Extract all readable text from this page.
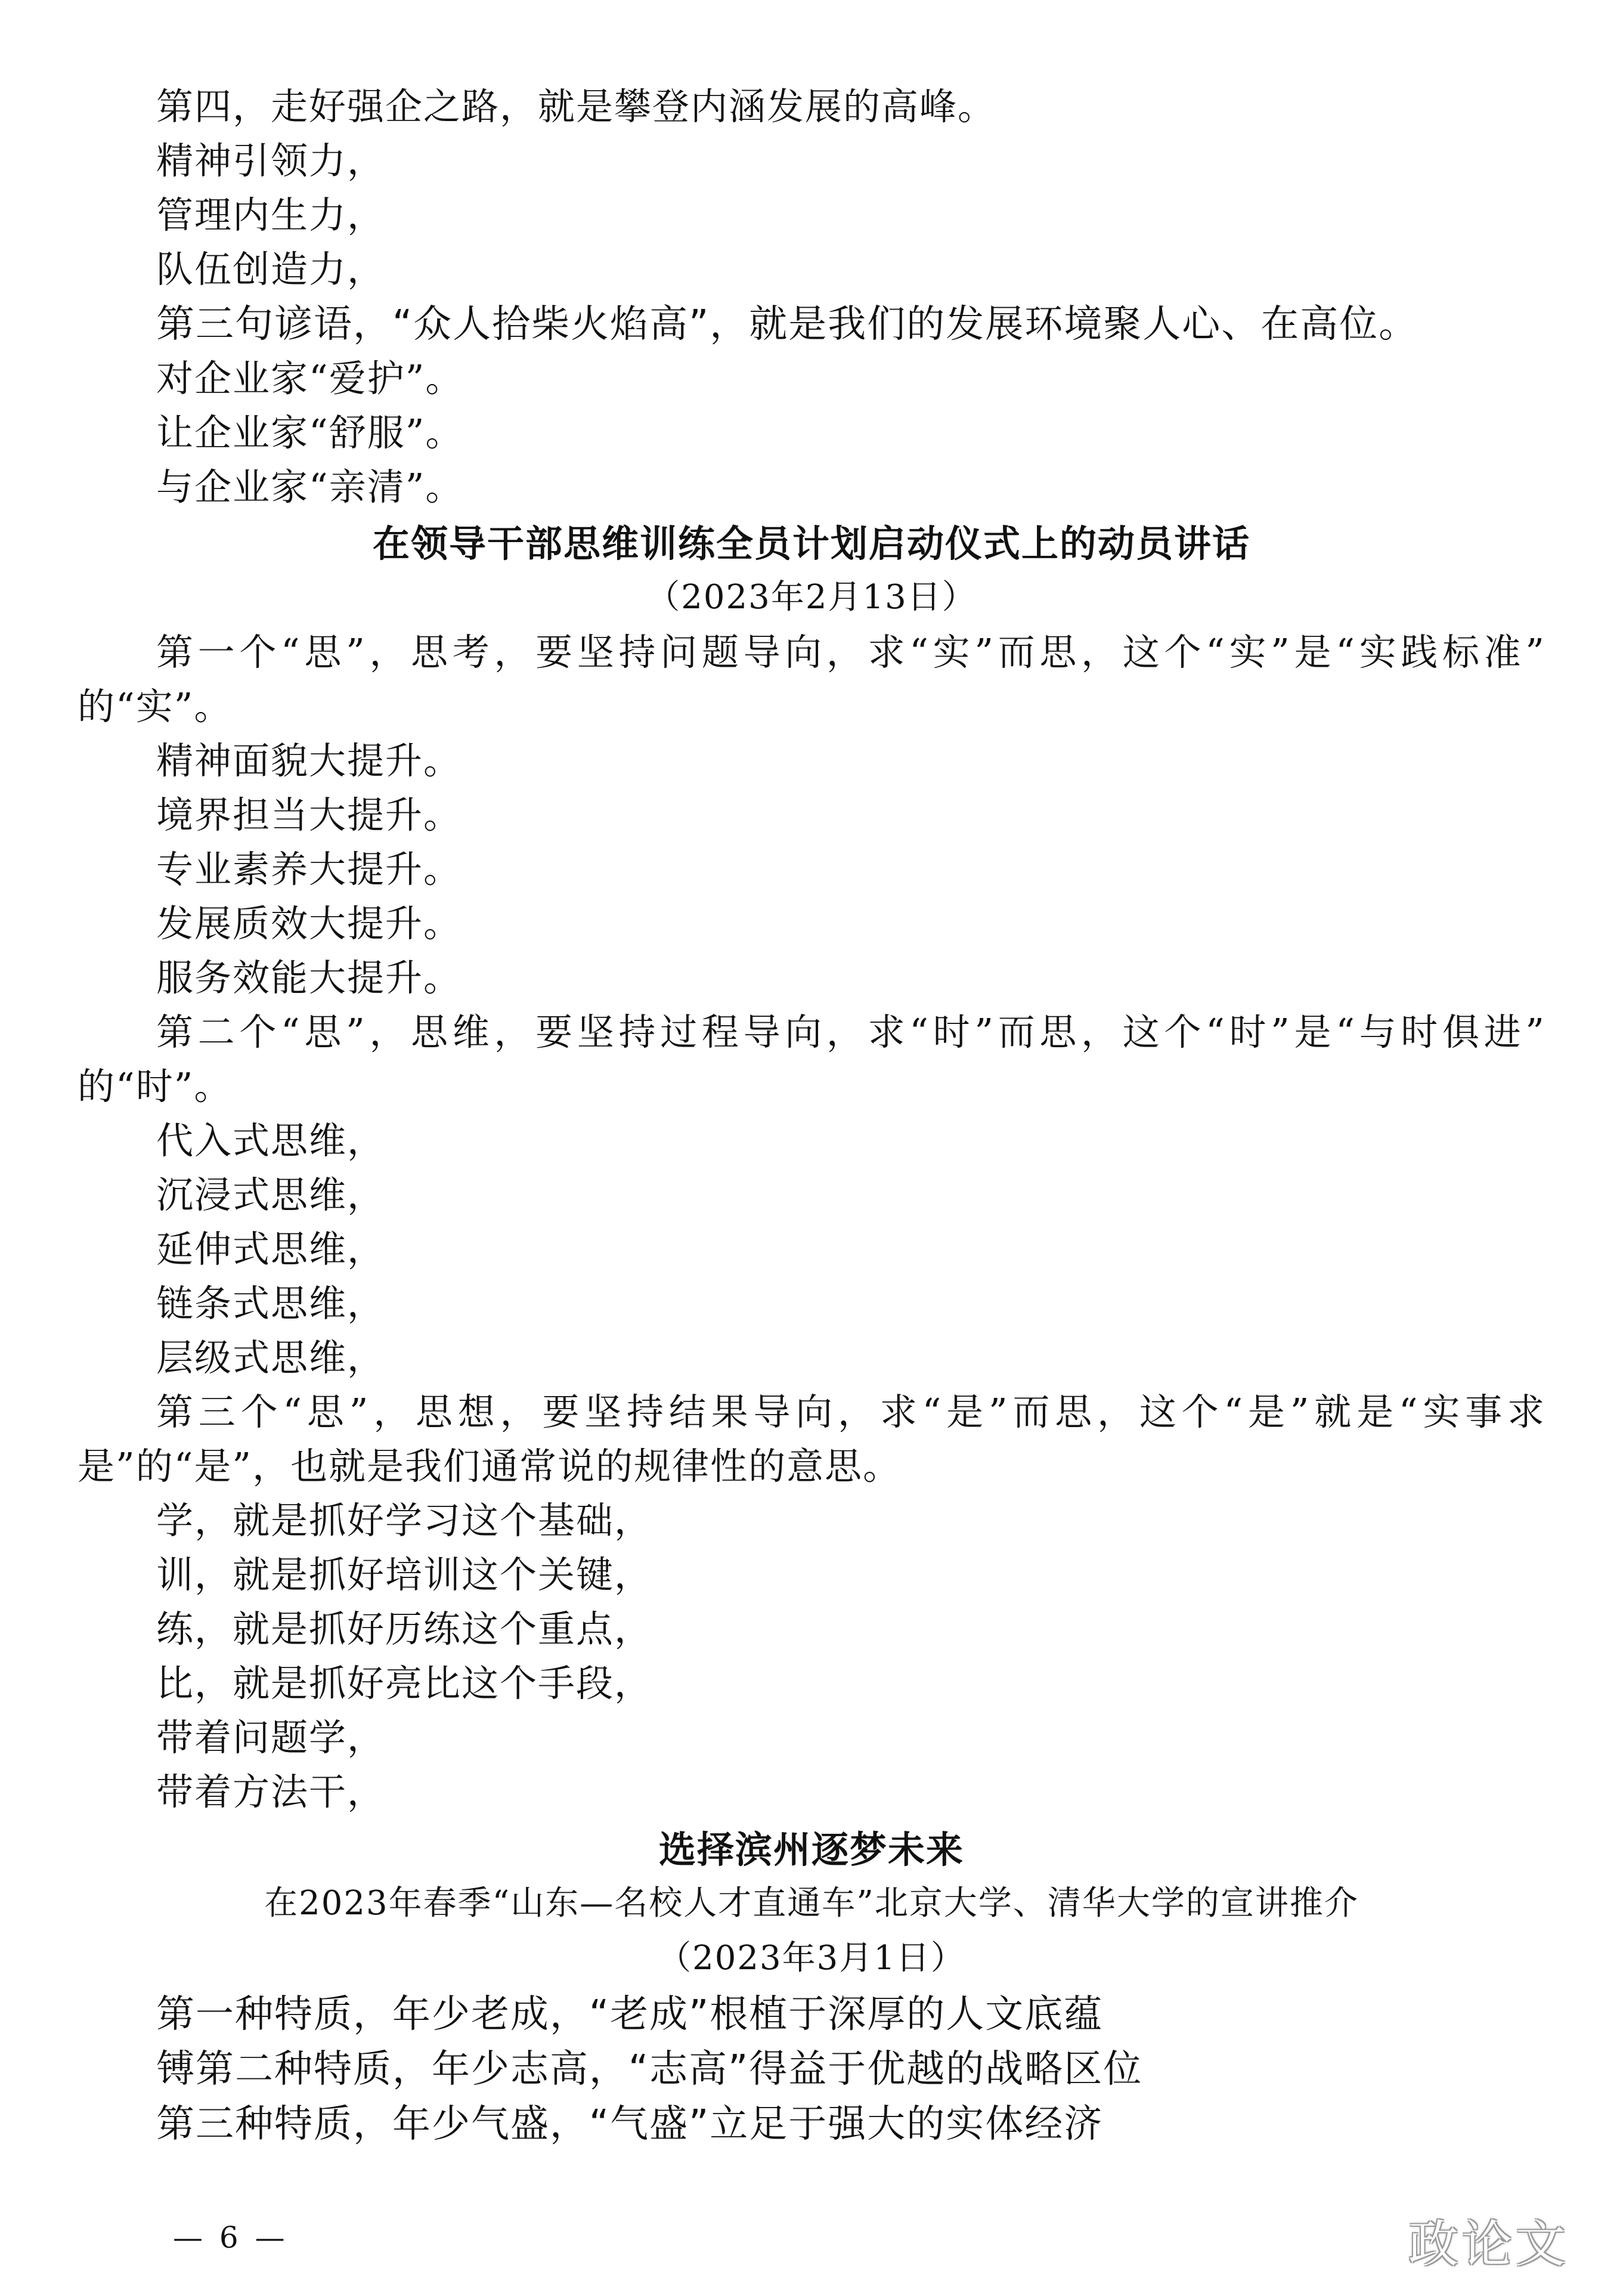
第四，走好强企之路，就是攀登内涵发展的高峰。
精神引领力，
管理内生力，
队伍创造力，
第三句谚语，“众人拾柴火焰高”，就是我们的发展环境聚人心、在高位。
对企业家“爱护”。
让企业家“舒服”。
与企业家“亲清”。
在领导干部思维训练全员计划启动仪式上的动员讲话
（2023年2月13日）
第一个“思”，思考，要坚持问题导向，求“实”而思，这个“实”是“实践标准”
的“实”。
精神面貌大提升。
境界担当大提升。
专业素养大提升。
发展质效大提升。
服务效能大提升。
第二个“思”，思维，要坚持过程导向，求“时”而思，这个“时”是“与时俱进”
的“时”。
代入式思维，
沉浸式思维，
延伸式思维，
链条式思维，
层级式思维，
第三个“思”，思想，要坚持结果导向，求“是”而思，这个“是”就是“实事求
是”的“是”，也就是我们通常说的规律性的意思。
学，就是抓好学习这个基础，
训，就是抓好培训这个关键，
练，就是抓好历练这个重点，
比，就是抓好亮比这个手段，
带着问题学，
带着方法干，
选择滨州逐梦未来
在2023年春季“山东—名校人才直通车”北京大学、清华大学的宣讲推介
（2023年3月1日）
第一种特质，年少老成，“老成”根植于深厚的人文底蕴
镈第二种特质，年少志高，“志高”得益于优越的战略区位
第三种特质，年少气盛，“气盛”立足于强大的实体经济
— 6 —	政论文
